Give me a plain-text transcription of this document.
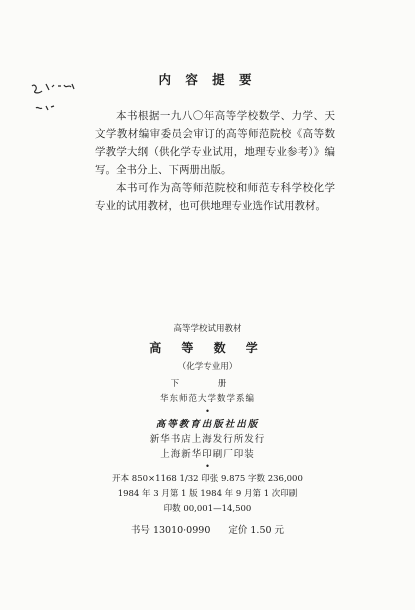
内 容 提 要

本书根据一九八〇年高等学校数学、力学、天文学教材编审委员会审订的高等师范院校《高等数学教学大纲（供化学专业试用，地理专业参考）》编写。全书分上、下两册出版。

本书可作为高等师范院校和师范专科学校化学专业的试用教材，也可供地理专业选作试用教材。

高等学校试用教材
高 等 数 学
（化学专业用）
下 册
华东师范大学数学系编
•
高等教育出版社出版
新华书店上海发行所发行
上海新华印刷厂印装
•
开本 850×1168 1/32 印张 9.875 字数 236,000
1984 年 3 月第 1 版 1984 年 9 月第 1 次印刷
印数 00,001—14,500
书号 13010·0990 定价 1.50 元
